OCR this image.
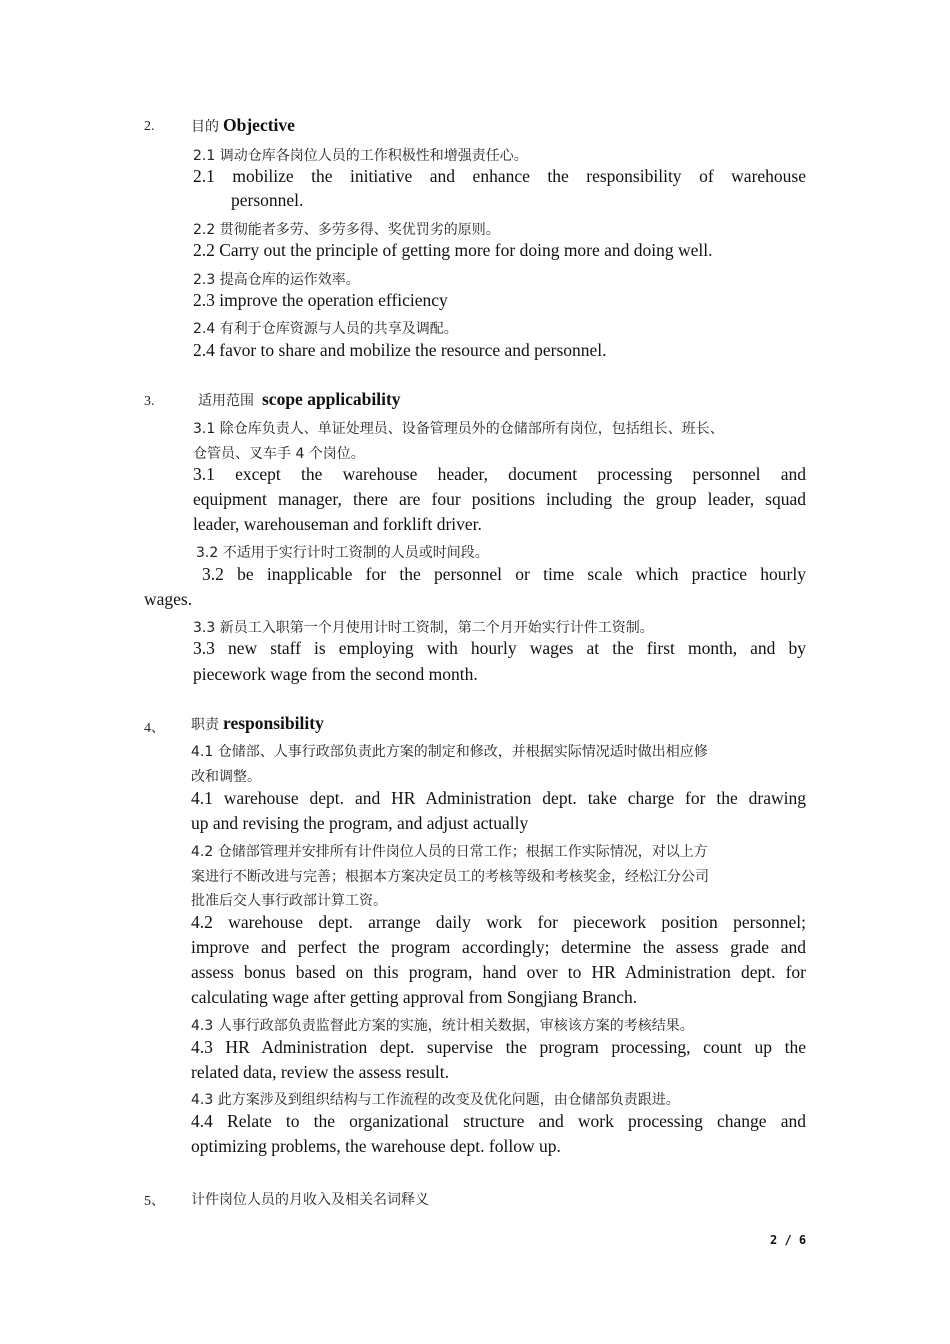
2.	目的 Objective
2.1 调动仓库各岗位人员的工作积极性和增强责任心。
2.1 mobilize the initiative and enhance the responsibility of warehouse
personnel.
2.2 贯彻能者多劳、多劳多得、奖优罚劣的原则。
2.2 Carry out the principle of getting more for doing more and doing well.
2.3 提高仓库的运作效率。
2.3 improve the operation efficiency
2.4 有利于仓库资源与人员的共享及调配。
2.4 favor to share and mobilize the resource and personnel.
3.	适用范围 scope applicability
3.1 除仓库负责人、单证处理员、设备管理员外的仓储部所有岗位，包括组长、班长、
仓管员、叉车手 4 个岗位。
3.1 except the warehouse header, document processing personnel and
equipment manager, there are four positions including the group leader, squad
leader, warehouseman and forklift driver.
3.2 不适用于实行计时工资制的人员或时间段。
3.2 be inapplicable for the personnel or time scale which practice hourly
wages.
3.3 新员工入职第一个月使用计时工资制，第二个月开始实行计件工资制。
3.3 new staff is employing with hourly wages at the first month, and by
piecework wage from the second month.
4、 职责 responsibility
4.1 仓储部、人事行政部负责此方案的制定和修改，并根据实际情况适时做出相应修
改和调整。
4.1 warehouse dept. and HR Administration dept. take charge for the drawing
up and revising the program, and adjust actually
4.2 仓储部管理并安排所有计件岗位人员的日常工作；根据工作实际情况，对以上方
案进行不断改进与完善；根据本方案决定员工的考核等级和考核奖金，经松江分公司
批准后交人事行政部计算工资。
4.2 warehouse dept. arrange daily work for piecework position personnel;
improve and perfect the program accordingly; determine the assess grade and
assess bonus based on this program, hand over to HR Administration dept. for
calculating wage after getting approval from Songjiang Branch.
4.3 人事行政部负责监督此方案的实施，统计相关数据，审核该方案的考核结果。
4.3 HR Administration dept. supervise the program processing, count up the
related data, review the assess result.
4.3 此方案涉及到组织结构与工作流程的改变及优化问题，由仓储部负责跟进。
4.4 Relate to the organizational structure and work processing change and
optimizing problems, the warehouse dept. follow up.
5、 计件岗位人员的月收入及相关名词释义
2 / 6
